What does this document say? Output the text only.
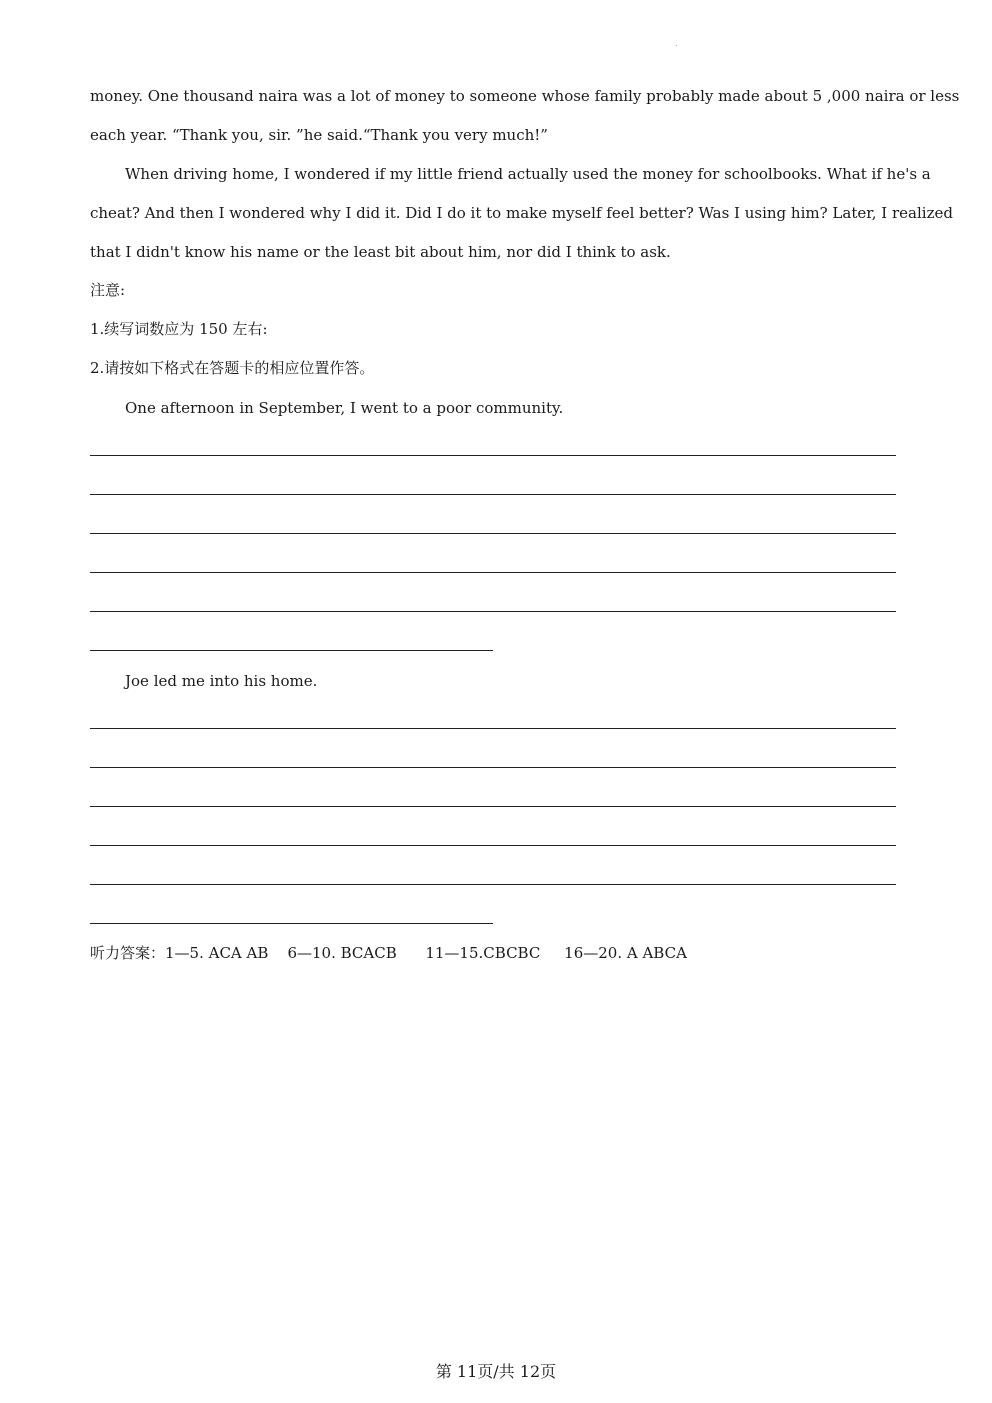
money. One thousand naira was a lot of money to someone whose family probably made about 5 ,000 naira or less
each year. “Thank you, sir. ”he said.“Thank you very much!”
When driving home, I wondered if my little friend actually used the money for schoolbooks. What if he's a
cheat? And then I wondered why I did it. Did I do it to make myself feel better? Was I using him? Later, I realized
that I didn't know his name or the least bit about him, nor did I think to ask.
注意:
1.续写词数应为 150 左右:
2.请按如下格式在答题卡的相应位置作答。
One afternoon in September, I went to a poor community.
Joe led me into his home.
听力答案：1—5. ACA AB    6—10. BCACB      11—15.CBCBC     16—20. A ABCA
第 11页/共 12页
